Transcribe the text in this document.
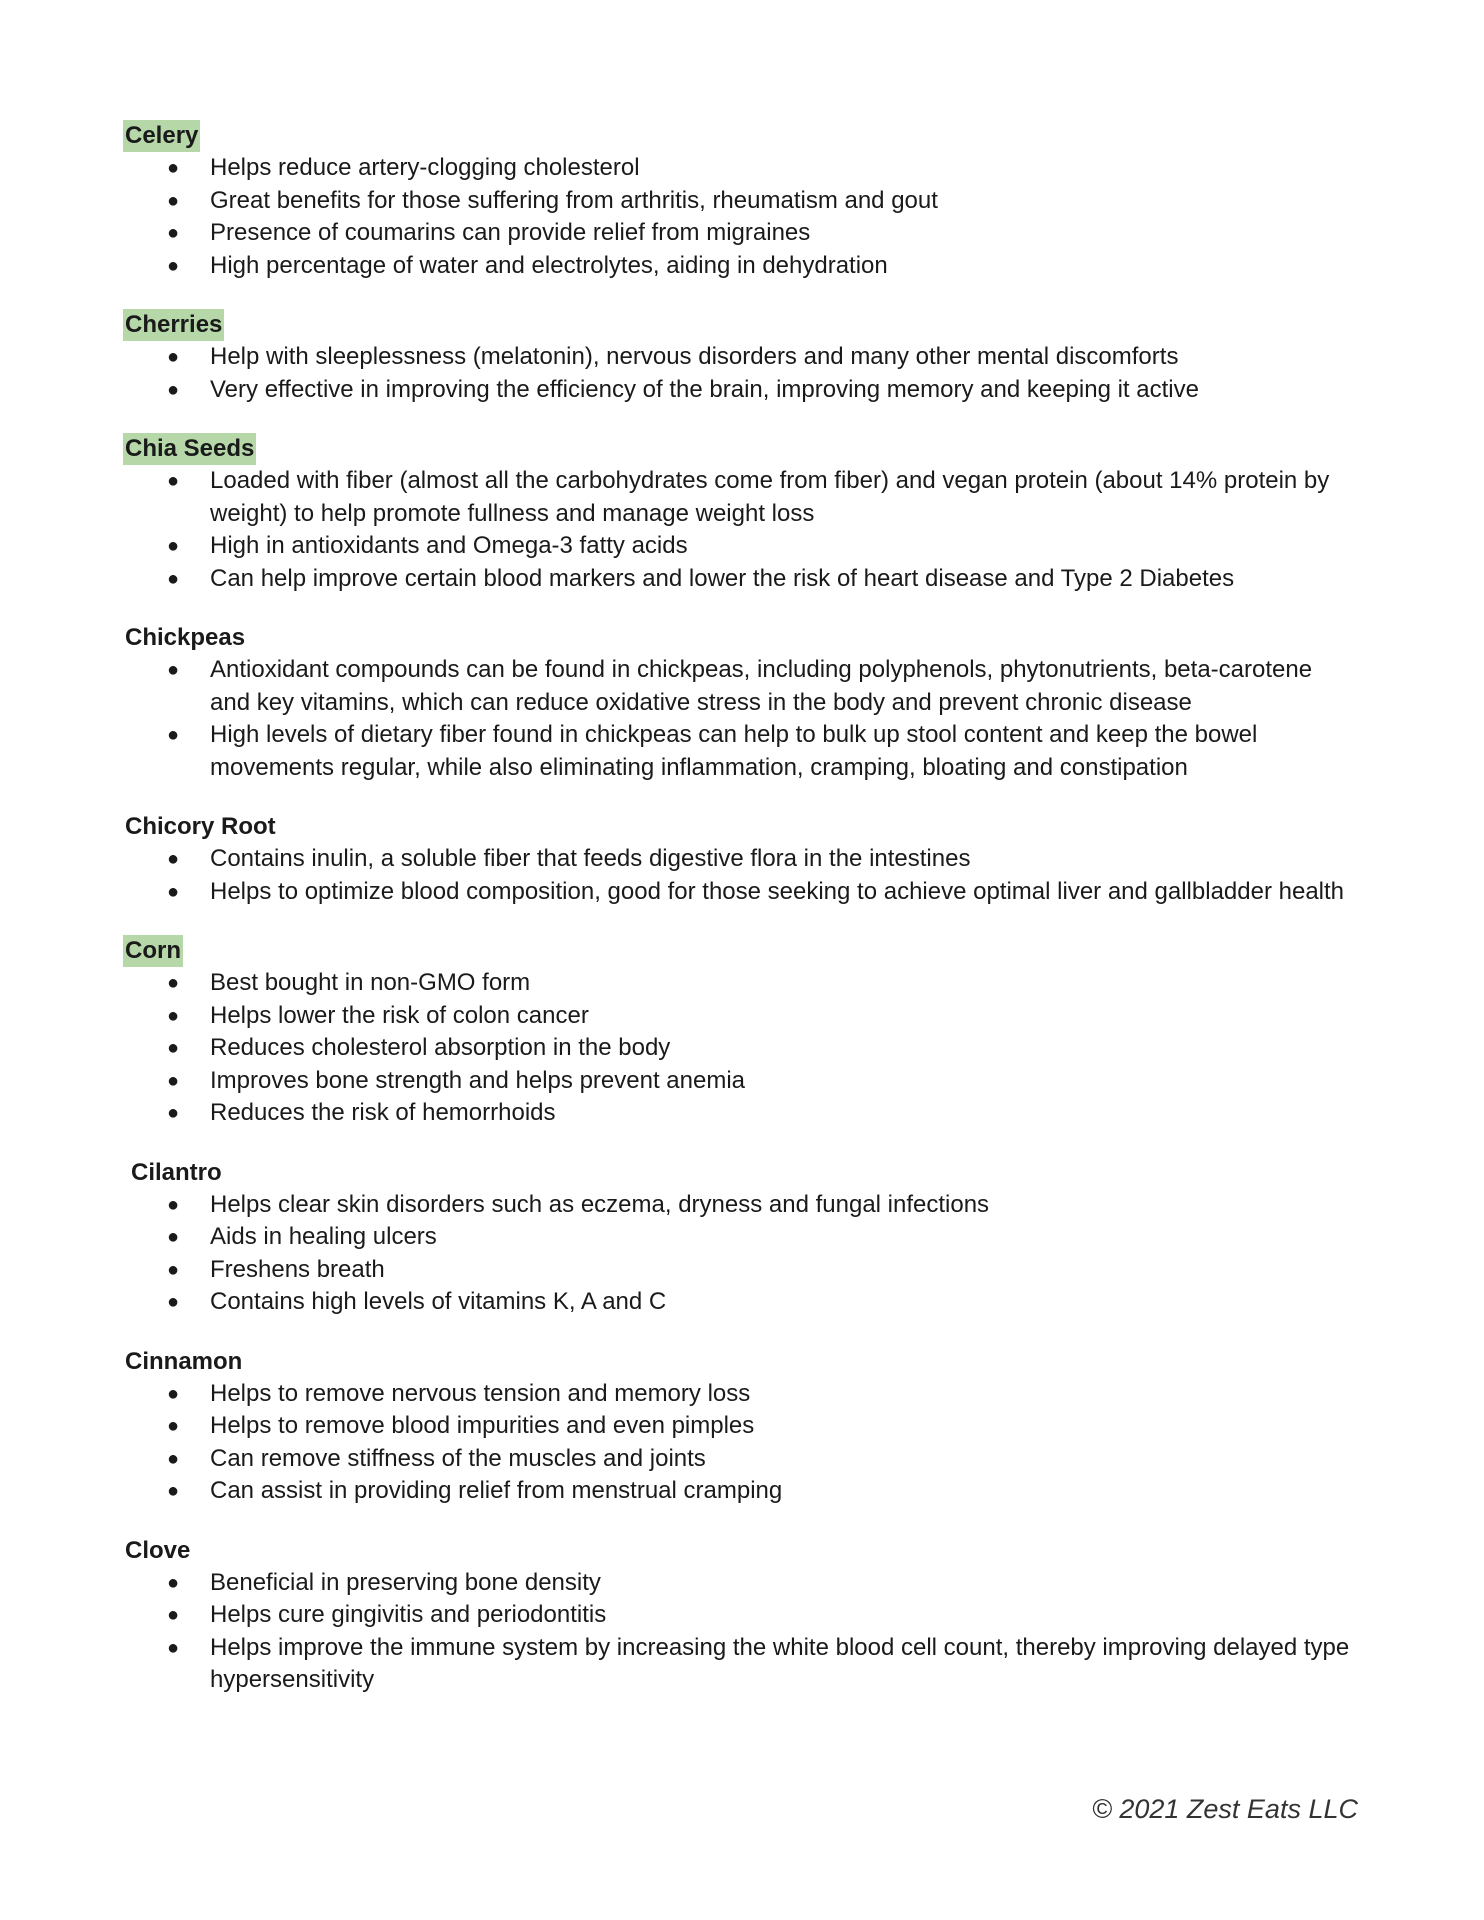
Celery
● Helps reduce artery-clogging cholesterol
● Great benefits for those suffering from arthritis, rheumatism and gout
● Presence of coumarins can provide relief from migraines
● High percentage of water and electrolytes, aiding in dehydration
Cherries
● Help with sleeplessness (melatonin), nervous disorders and many other mental discomforts
● Very effective in improving the efficiency of the brain, improving memory and keeping it active
Chia Seeds
● Loaded with fiber (almost all the carbohydrates come from fiber) and vegan protein (about 14% protein by weight) to help promote fullness and manage weight loss
● High in antioxidants and Omega-3 fatty acids
● Can help improve certain blood markers and lower the risk of heart disease and Type 2 Diabetes
Chickpeas
● Antioxidant compounds can be found in chickpeas, including polyphenols, phytonutrients, beta-carotene and key vitamins, which can reduce oxidative stress in the body and prevent chronic disease
● High levels of dietary fiber found in chickpeas can help to bulk up stool content and keep the bowel movements regular, while also eliminating inflammation, cramping, bloating and constipation
Chicory Root
● Contains inulin, a soluble fiber that feeds digestive flora in the intestines
● Helps to optimize blood composition, good for those seeking to achieve optimal liver and gallbladder health
Corn
● Best bought in non-GMO form
● Helps lower the risk of colon cancer
● Reduces cholesterol absorption in the body
● Improves bone strength and helps prevent anemia
● Reduces the risk of hemorrhoids
Cilantro
● Helps clear skin disorders such as eczema, dryness and fungal infections
● Aids in healing ulcers
● Freshens breath
● Contains high levels of vitamins K, A and C
Cinnamon
● Helps to remove nervous tension and memory loss
● Helps to remove blood impurities and even pimples
● Can remove stiffness of the muscles and joints
● Can assist in providing relief from menstrual cramping
Clove
● Beneficial in preserving bone density
● Helps cure gingivitis and periodontitis
● Helps improve the immune system by increasing the white blood cell count, thereby improving delayed type hypersensitivity
© 2021 Zest Eats LLC
